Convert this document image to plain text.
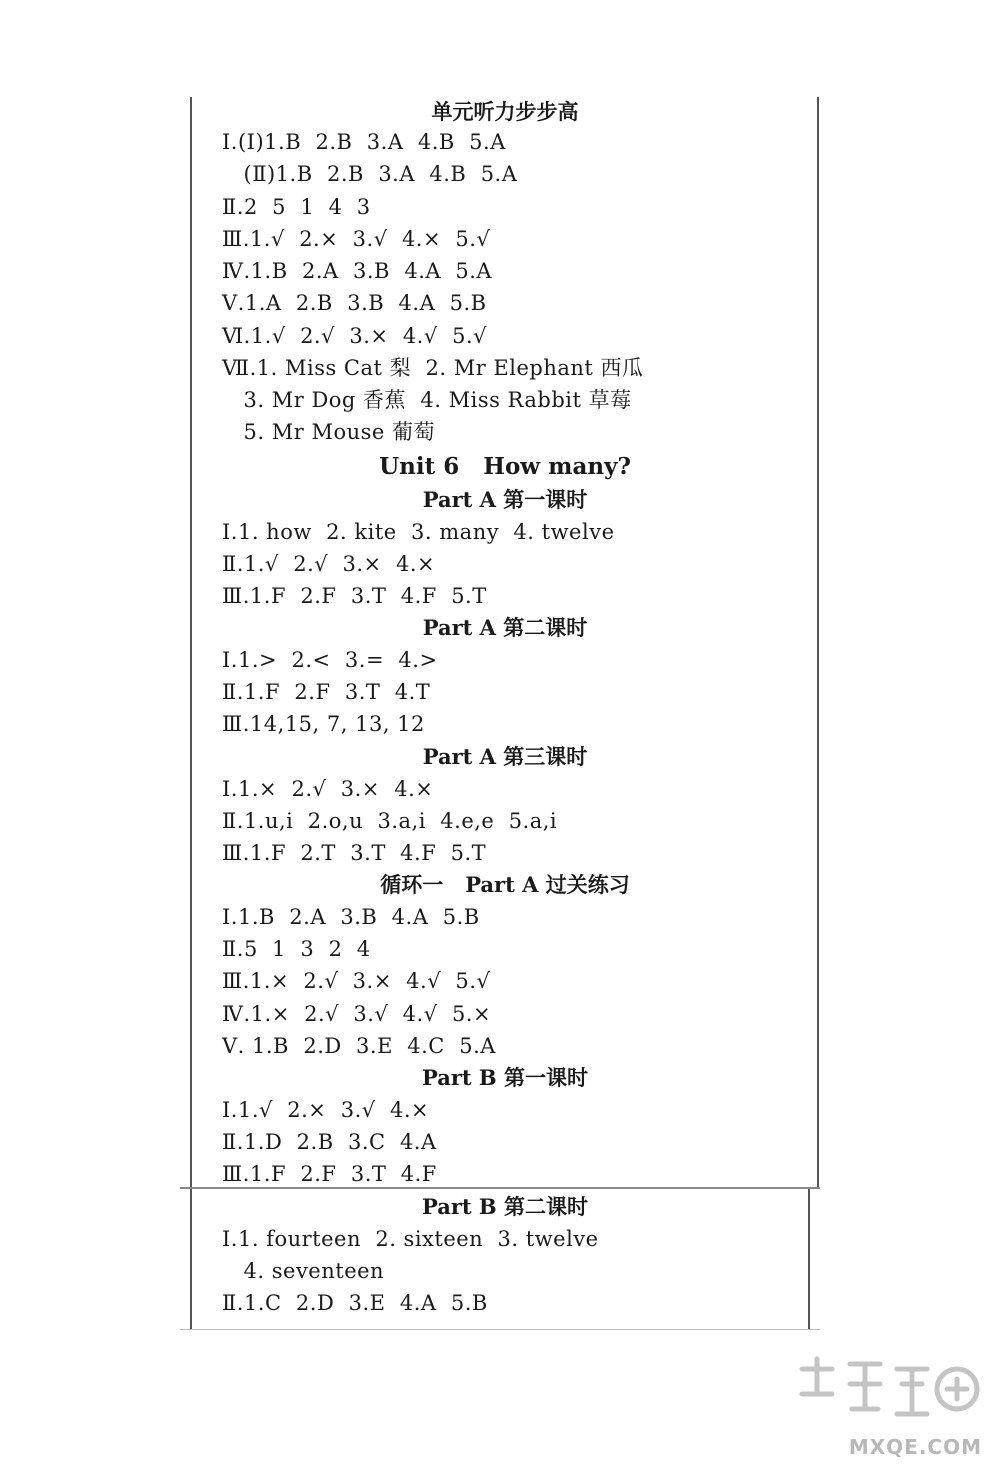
单元听力步步高
Ⅰ.(Ⅰ)1.B  2.B  3.A  4.B  5.A
(Ⅱ)1.B  2.B  3.A  4.B  5.A
Ⅱ.2  5  1  4  3
Ⅲ.1.√  2.×  3.√  4.×  5.√
Ⅳ.1.B  2.A  3.B  4.A  5.A
Ⅴ.1.A  2.B  3.B  4.A  5.B
Ⅵ.1.√  2.√  3.×  4.√  5.√
Ⅶ.1. Miss Cat 梨  2. Mr Elephant 西瓜
3. Mr Dog 香蕉  4. Miss Rabbit 草莓
5. Mr Mouse 葡萄
Unit 6   How many?
Part A 第一课时
Ⅰ.1. how  2. kite  3. many  4. twelve
Ⅱ.1.√  2.√  3.×  4.×
Ⅲ.1.F  2.F  3.T  4.F  5.T
Part A 第二课时
Ⅰ.1.>  2.<  3.=  4.>
Ⅱ.1.F  2.F  3.T  4.T
Ⅲ.14,15, 7, 13, 12
Part A 第三课时
Ⅰ.1.×  2.√  3.×  4.×
Ⅱ.1.u,i  2.o,u  3.a,i  4.e,e  5.a,i
Ⅲ.1.F  2.T  3.T  4.F  5.T
循环一   Part A 过关练习
Ⅰ.1.B  2.A  3.B  4.A  5.B
Ⅱ.5  1  3  2  4
Ⅲ.1.×  2.√  3.×  4.√  5.√
Ⅳ.1.×  2.√  3.√  4.√  5.×
Ⅴ. 1.B  2.D  3.E  4.C  5.A
Part B 第一课时
Ⅰ.1.√  2.×  3.√  4.×
Ⅱ.1.D  2.B  3.C  4.A
Ⅲ.1.F  2.F  3.T  4.F
Part B 第二课时
Ⅰ.1. fourteen  2. sixteen  3. twelve
4. seventeen
Ⅱ.1.C  2.D  3.E  4.A  5.B
MXQE.COM
